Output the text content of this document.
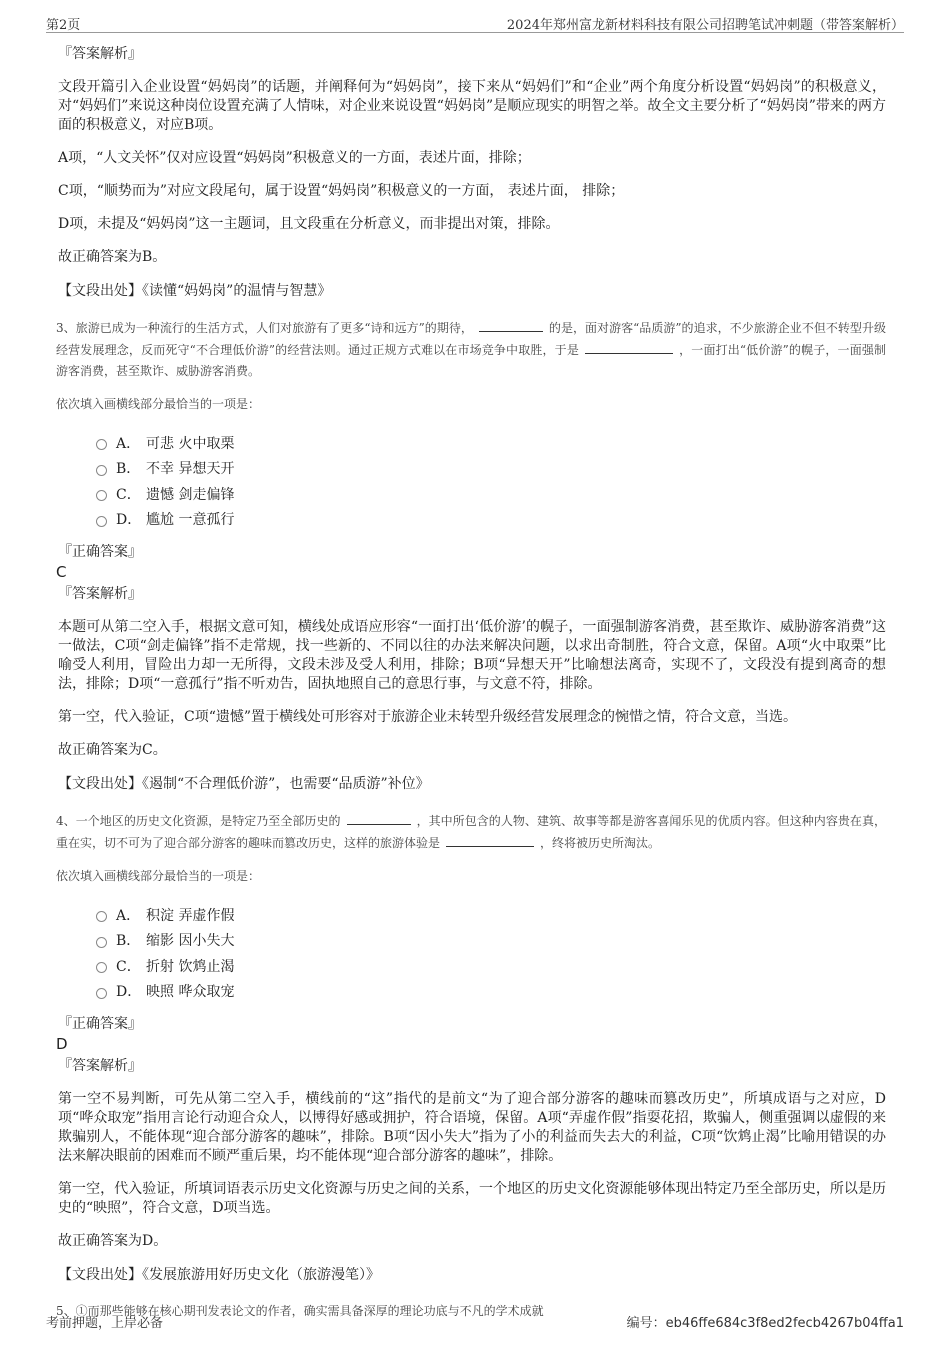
第2页	2024年郑州富龙新材料科技有限公司招聘笔试冲刺题（带答案解析）
『答案解析』
文段开篇引入企业设置“妈妈岗”的话题，并阐释何为“妈妈岗”，接下来从“妈妈们”和“企业”两个角度分析设置“妈妈岗”的积极意义，对“妈妈们”来说这种岗位设置充满了人情味，对企业来说设置“妈妈岗”是顺应现实的明智之举。故全文主要分析了“妈妈岗”带来的两方面的积极意义，对应B项。
A项，“人文关怀”仅对应设置“妈妈岗”积极意义的一方面，表述片面，排除；
C项，“顺势而为”对应文段尾句，属于设置“妈妈岗”积极意义的一方面， 表述片面， 排除；
D项，未提及“妈妈岗”这一主题词，且文段重在分析意义，而非提出对策，排除。
故正确答案为B。
【文段出处】《读懂“妈妈岗”的温情与智慧》
3、旅游已成为一种流行的生活方式，人们对旅游有了更多“诗和远方”的期待，	的是，面对游客“品质游”的追求，不少旅游企业不但不转型升级经营发展理念，反而死守“不合理低价游”的经营法则。通过正规方式难以在市场竞争中取胜，于是	，一面打出“低价游”的幌子，一面强制游客消费，甚至欺诈、威胁游客消费。
依次填入画横线部分最恰当的一项是：
A． 可悲 火中取栗
B． 不幸 异想天开
C． 遗憾 剑走偏锋
D． 尴尬 一意孤行
『正确答案』
C
『答案解析』
本题可从第二空入手，根据文意可知，横线处成语应形容“一面打出‘低价游’的幌子，一面强制游客消费，甚至欺诈、威胁游客消费”这一做法，C项“剑走偏锋”指不走常规，找一些新的、不同以往的办法来解决问题，以求出奇制胜，符合文意，保留。A项“火中取栗”比喻受人利用，冒险出力却一无所得，文段未涉及受人利用，排除；B项“异想天开”比喻想法离奇，实现不了，文段没有提到离奇的想法，排除；D项“一意孤行”指不听劝告，固执地照自己的意思行事，与文意不符，排除。
第一空，代入验证，C项“遗憾”置于横线处可形容对于旅游企业未转型升级经营发展理念的惋惜之情，符合文意，当选。
故正确答案为C。
【文段出处】《遏制“不合理低价游”，也需要“品质游”补位》
4、一个地区的历史文化资源，是特定乃至全部历史的	，其中所包含的人物、建筑、故事等都是游客喜闻乐见的优质内容。但这种内容贵在真，重在实，切不可为了迎合部分游客的趣味而篡改历史，这样的旅游体验是	，终将被历史所淘汰。
依次填入画横线部分最恰当的一项是：
A． 积淀 弄虚作假
B． 缩影 因小失大
C． 折射 饮鸩止渴
D． 映照 哗众取宠
『正确答案』
D
『答案解析』
第一空不易判断，可先从第二空入手，横线前的“这”指代的是前文“为了迎合部分游客的趣味而篡改历史”，所填成语与之对应，D项“哗众取宠”指用言论行动迎合众人，以博得好感或拥护，符合语境，保留。A项“弄虚作假”指耍花招，欺骗人，侧重强调以虚假的来欺骗别人，不能体现“迎合部分游客的趣味”，排除。B项“因小失大”指为了小的利益而失去大的利益，C项“饮鸩止渴”比喻用错误的办法来解决眼前的困难而不顾严重后果，均不能体现“迎合部分游客的趣味”，排除。
第一空，代入验证，所填词语表示历史文化资源与历史之间的关系，一个地区的历史文化资源能够体现出特定乃至全部历史，所以是历史的“映照”，符合文意，D项当选。
故正确答案为D。
【文段出处】《发展旅游用好历史文化（旅游漫笔）》
5、①而那些能够在核心期刊发表论文的作者，确实需具备深厚的理论功底与不凡的学术成就
考前押题，上岸必备	编号：eb46ffe684c3f8ed2fecb4267b04ffa1
